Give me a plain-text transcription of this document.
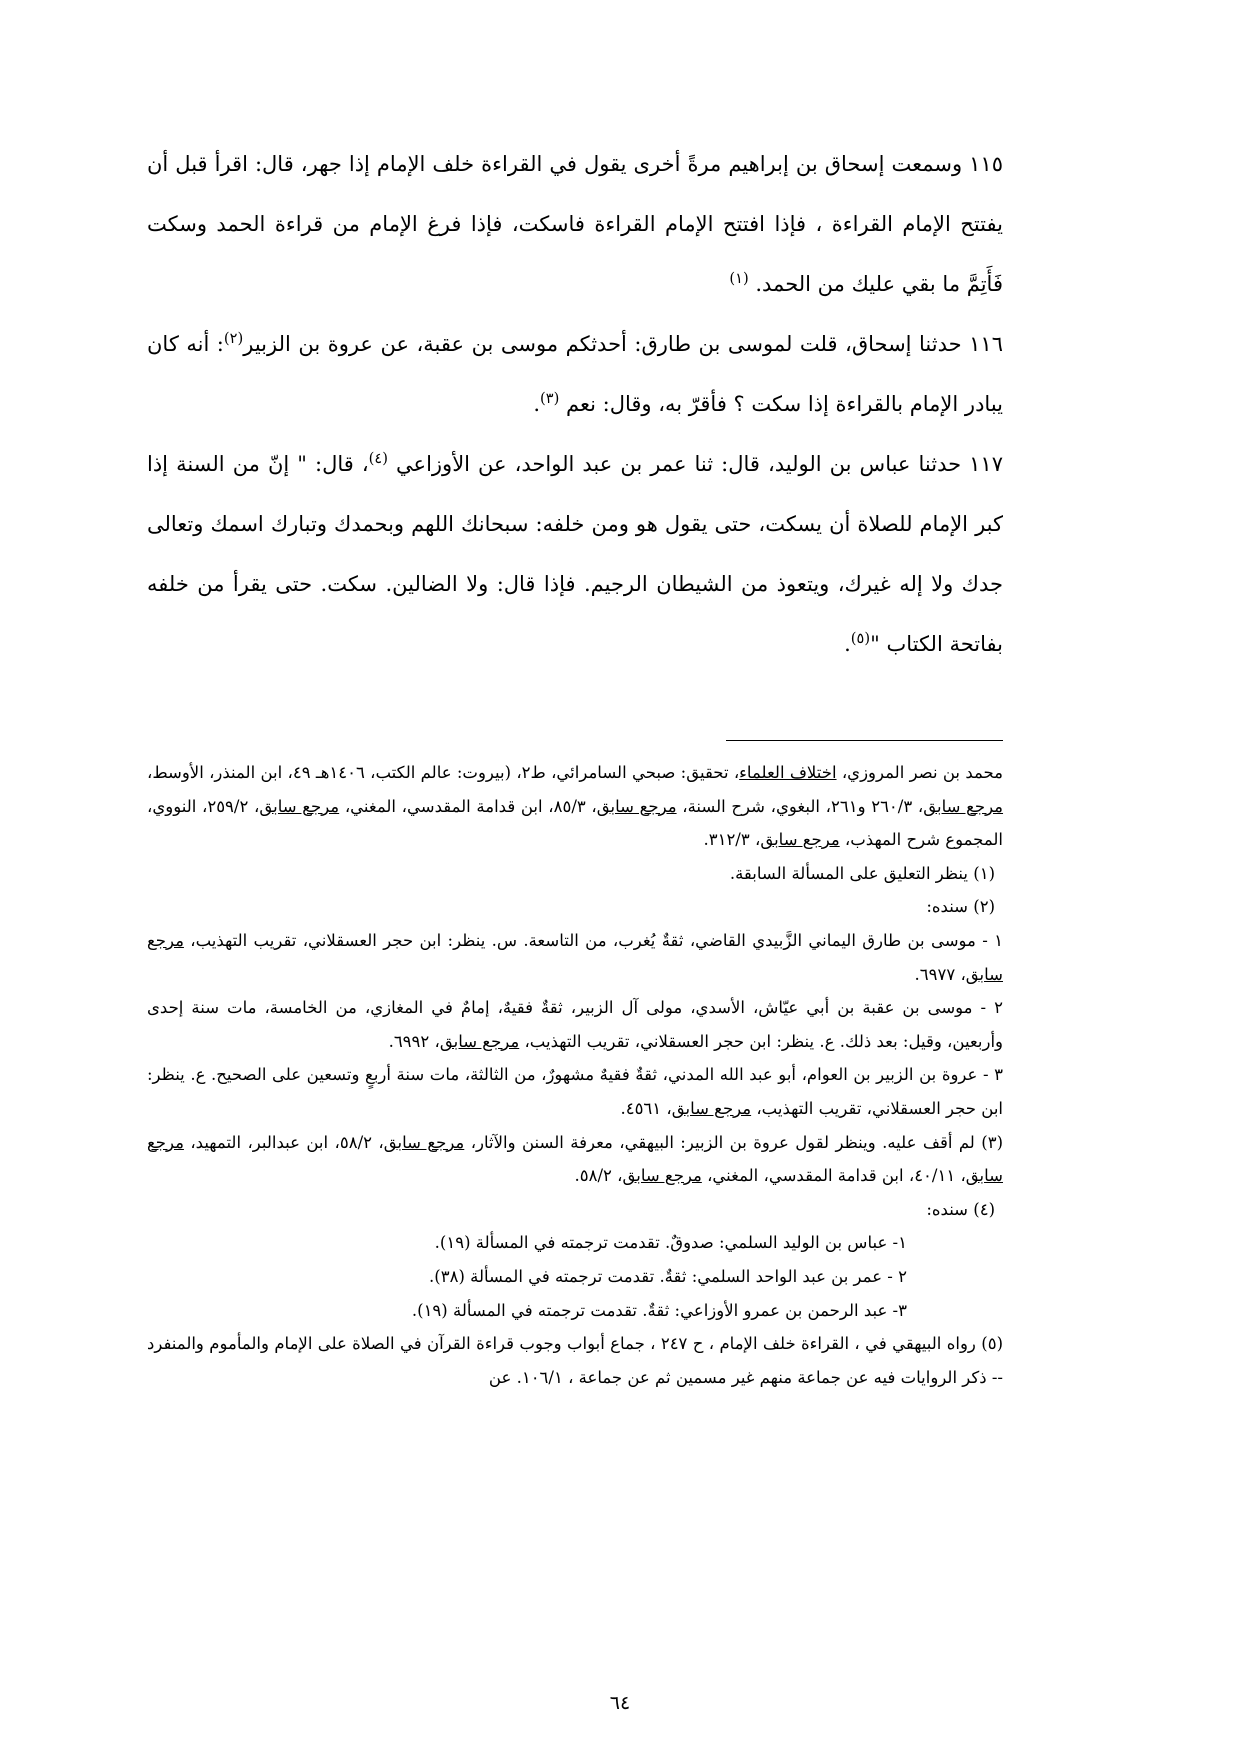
١١٥ وسمعت إسحاق بن إبراهيم مرةً أخرى يقول في القراءة خلف الإمام إذا جهر، قال: اقرأ قبل أن يفتتح الإمام القراءة ، فإذا افتتح الإمام القراءة فاسكت، فإذا فرغ الإمام من قراءة الحمد وسكت فَأَتِمَّ ما بقي عليك من الحمد. $^{(١)}$

١١٦ حدثنا إسحاق، قلت لموسى بن طارق: أحدثكم موسى بن عقبة، عن عروة بن الزبير$^{(٢)}$: أنه كان يبادر الإمام بالقراءة إذا سكت ؟ فأقرّ به، وقال: نعم $^{(٣)}$.

١١٧ حدثنا عباس بن الوليد، قال: ثنا عمر بن عبد الواحد، عن الأوزاعي $^{(٤)}$، قال: " إنّ من السنة إذا كبر الإمام للصلاة أن يسكت، حتى يقول هو ومن خلفه: سبحانك اللهم وبحمدك وتبارك اسمك وتعالى جدك ولا إله غيرك، ويتعوذ من الشيطان الرجيم. فإذا قال: ولا الضالين. سكت. حتى يقرأ من خلفه بفاتحة الكتاب "$^{(٥)}$.

محمد بن نصر المروزي، اختلاف العلماء، تحقيق: صبحي السامرائي، ط٢، (بيروت: عالم الكتب، ١٤٠٦هـ ٤٩، ابن المنذر، الأوسط، مرجع سابق، ٢٦٠/٣ و٢٦١، البغوي، شرح السنة، مرجع سابق، ٨٥/٣، ابن قدامة المقدسي، المغني، مرجع سابق، ٢٥٩/٢، النووي، المجموع شرح المهذب، مرجع سابق، ٣١٢/٣.

(١) ينظر التعليق على المسألة السابقة.

(٢) سنده:

١ - موسى بن طارق اليماني الزَّبيدي القاضي، ثقةٌ يُغرب، من التاسعة. س. ينظر: ابن حجر العسقلاني، تقريب التهذيب، مرجع سابق، ٦٩٧٧.

٢ - موسى بن عقبة بن أبي عيّاش، الأسدي، مولى آل الزبير، ثقةٌ فقيهٌ، إمامٌ في المغازي، من الخامسة، مات سنة إحدى وأربعين، وقيل: بعد ذلك. ع. ينظر: ابن حجر العسقلاني، تقريب التهذيب، مرجع سابق، ٦٩٩٢.

٣ - عروة بن الزبير بن العوام، أبو عبد الله المدني، ثقةٌ فقيهٌ مشهورٌ، من الثالثة، مات سنة أربعٍ وتسعين على الصحيح. ع. ينظر: ابن حجر العسقلاني، تقريب التهذيب، مرجع سابق، ٤٥٦١.

(٣) لم أقف عليه. وينظر لقول عروة بن الزبير: البيهقي، معرفة السنن والآثار، مرجع سابق، ٥٨/٢، ابن عبدالبر، التمهيد، مرجع سابق، ٤٠/١١، ابن قدامة المقدسي، المغني، مرجع سابق، ٥٨/٢.

(٤) سنده:

١- عباس بن الوليد السلمي: صدوقٌ. تقدمت ترجمته في المسألة (١٩).

٢ - عمر بن عبد الواحد السلمي: ثقةٌ. تقدمت ترجمته في المسألة (٣٨).

٣- عبد الرحمن بن عمرو الأوزاعي: ثقةٌ. تقدمت ترجمته في المسألة (١٩).

(٥) رواه البيهقي في ، القراءة خلف الإمام ، ح ٢٤٧ ، جماع أبواب وجوب قراءة القرآن في الصلاة على الإمام والمأموم والمنفرد -- ذكر الروايات فيه عن جماعة منهم غير مسمين ثم عن جماعة ، ١٠٦/١. عن

٦٤
